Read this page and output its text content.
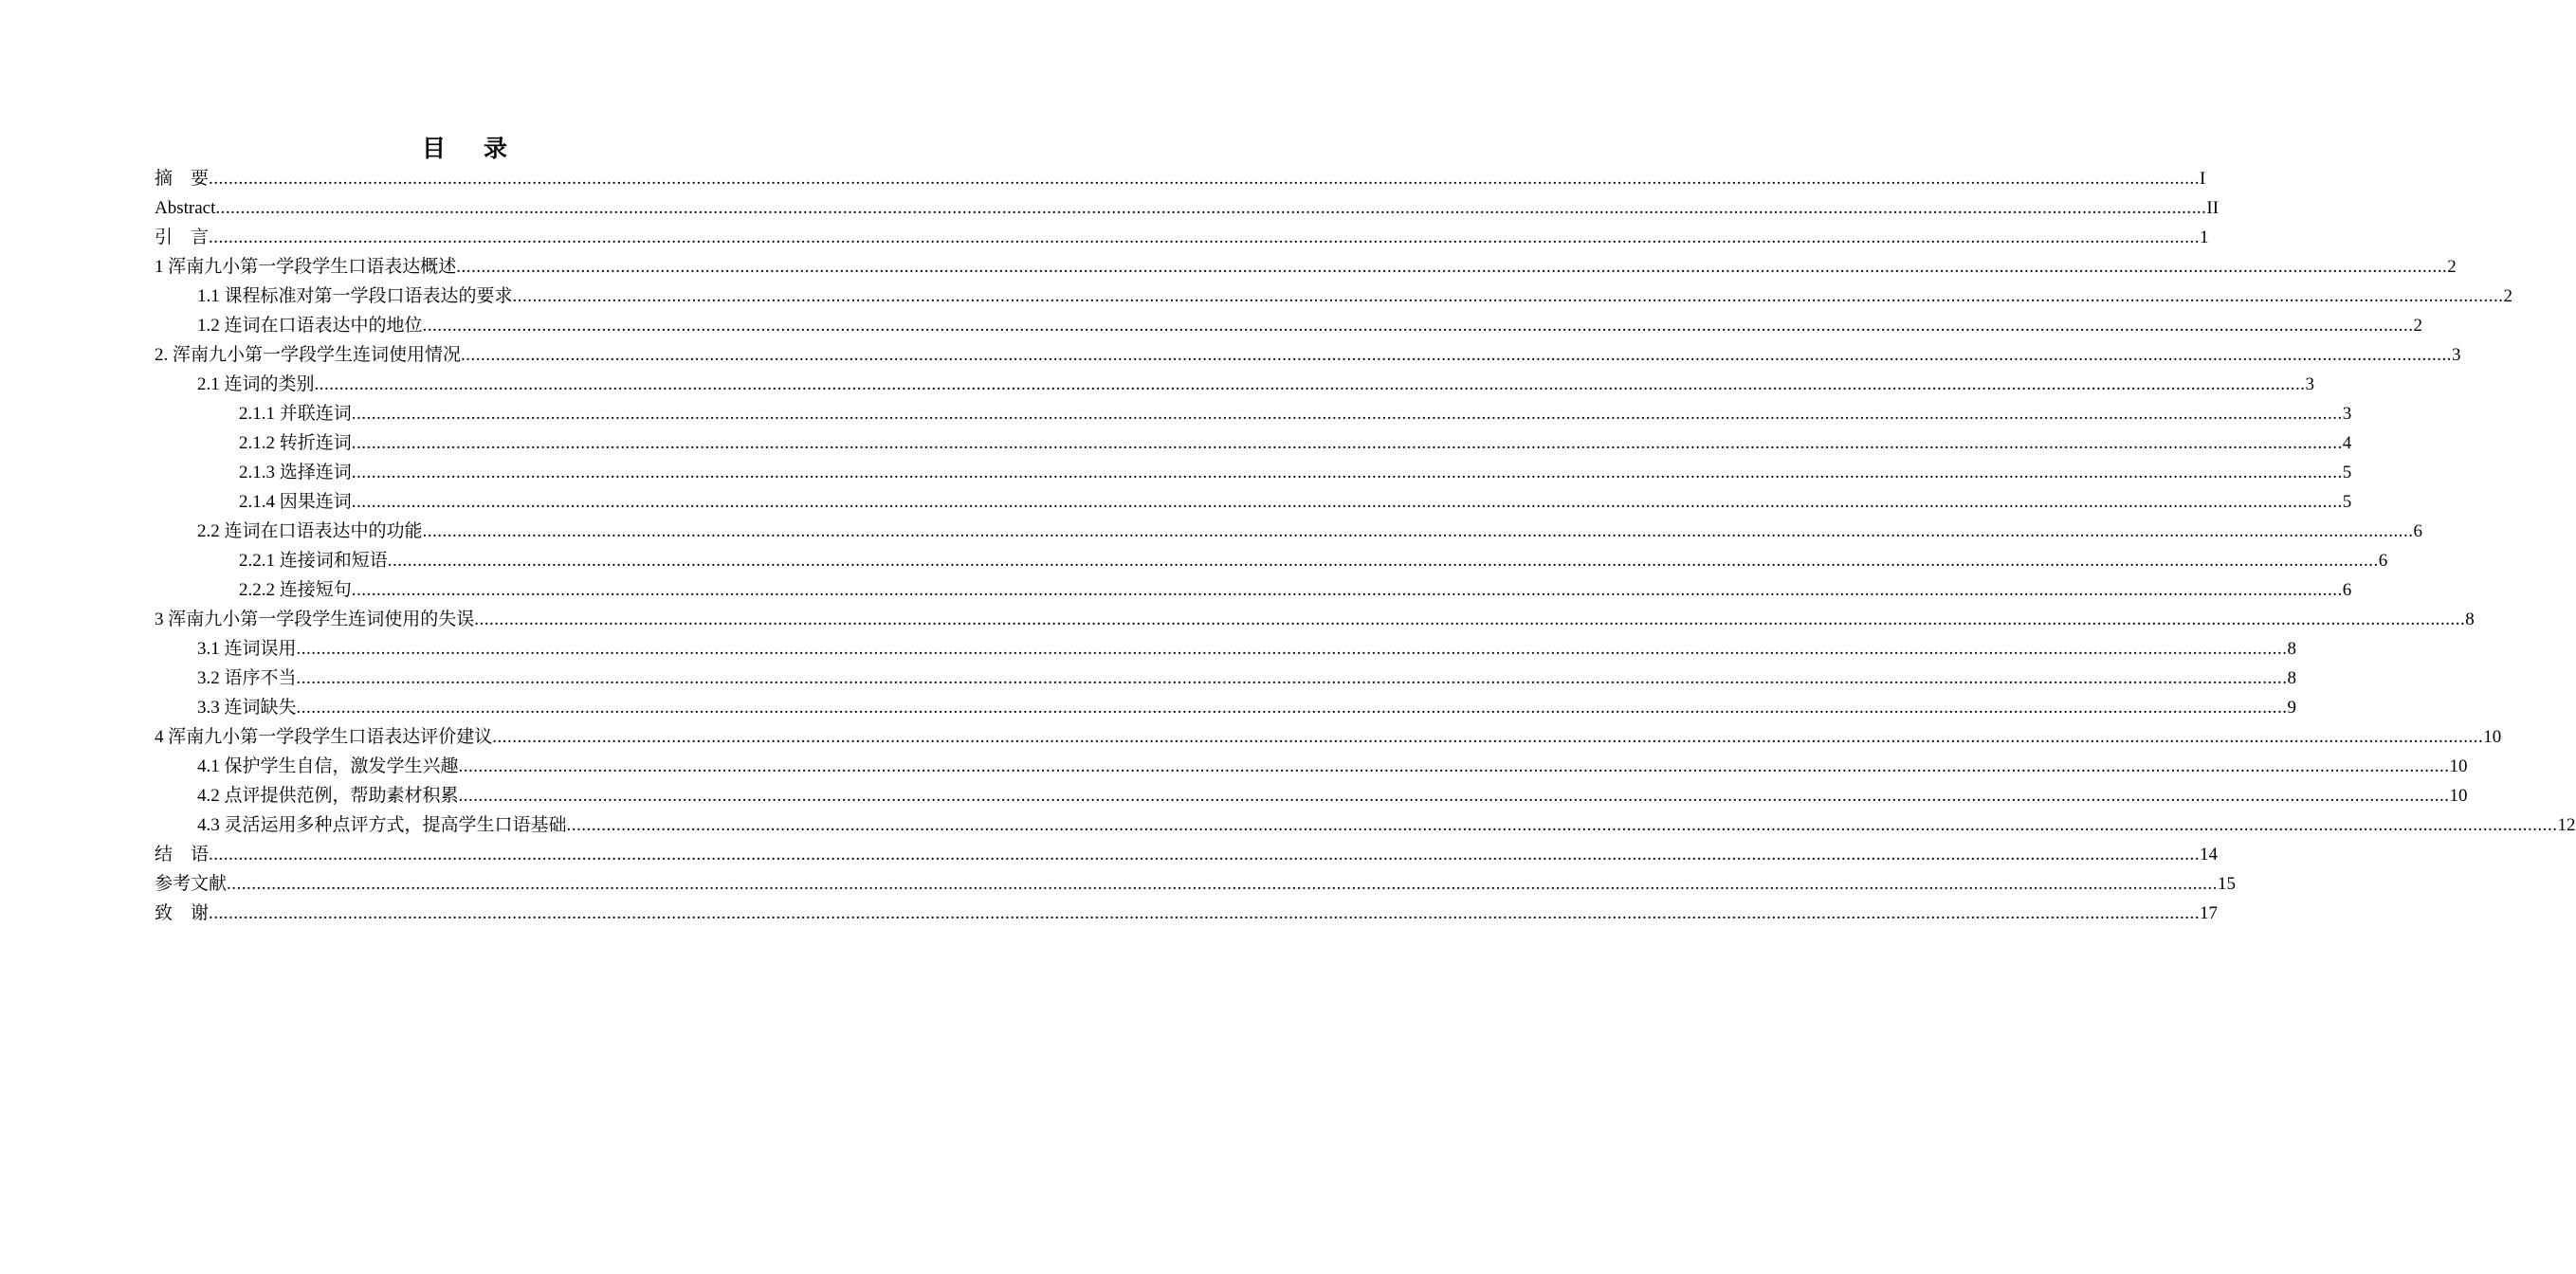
目录
摘要 ................................................................................................................................................................................................................................................................................................................................................................................................................ I
Abstract ................................................................................................................................................................................................................................................................................................................................................................................................................ II
引言 ................................................................................................................................................................................................................................................................................................................................................................................................................ 1
1 浑南九小第一学段学生口语表达概述 ................................................................................................................................................................................................................................................................................................................................................................................................................ 2
1.1 课程标准对第一学段口语表达的要求 ................................................................................................................................................................................................................................................................................................................................................................................................................ 2
1.2 连词在口语表达中的地位 ................................................................................................................................................................................................................................................................................................................................................................................................................ 2
2. 浑南九小第一学段学生连词使用情况 ................................................................................................................................................................................................................................................................................................................................................................................................................ 3
2.1 连词的类别 ................................................................................................................................................................................................................................................................................................................................................................................................................ 3
2.1.1 并联连词 ................................................................................................................................................................................................................................................................................................................................................................................................................ 3
2.1.2 转折连词 ................................................................................................................................................................................................................................................................................................................................................................................................................ 4
2.1.3 选择连词 ................................................................................................................................................................................................................................................................................................................................................................................................................ 5
2.1.4 因果连词 ................................................................................................................................................................................................................................................................................................................................................................................................................ 5
2.2 连词在口语表达中的功能 ................................................................................................................................................................................................................................................................................................................................................................................................................ 6
2.2.1 连接词和短语 ................................................................................................................................................................................................................................................................................................................................................................................................................ 6
2.2.2 连接短句 ................................................................................................................................................................................................................................................................................................................................................................................................................ 6
3 浑南九小第一学段学生连词使用的失误 ................................................................................................................................................................................................................................................................................................................................................................................................................ 8
3.1 连词误用 ................................................................................................................................................................................................................................................................................................................................................................................................................ 8
3.2 语序不当 ................................................................................................................................................................................................................................................................................................................................................................................................................ 8
3.3 连词缺失 ................................................................................................................................................................................................................................................................................................................................................................................................................ 9
4 浑南九小第一学段学生口语表达评价建议 ................................................................................................................................................................................................................................................................................................................................................................................................................ 10
4.1 保护学生自信，激发学生兴趣 ................................................................................................................................................................................................................................................................................................................................................................................................................ 10
4.2 点评提供范例，帮助素材积累 ................................................................................................................................................................................................................................................................................................................................................................................................................ 10
4.3 灵活运用多种点评方式，提高学生口语基础 ................................................................................................................................................................................................................................................................................................................................................................................................................ 12
结语 ................................................................................................................................................................................................................................................................................................................................................................................................................ 14
参考文献 ................................................................................................................................................................................................................................................................................................................................................................................................................ 15
致谢 ................................................................................................................................................................................................................................................................................................................................................................................................................ 17
